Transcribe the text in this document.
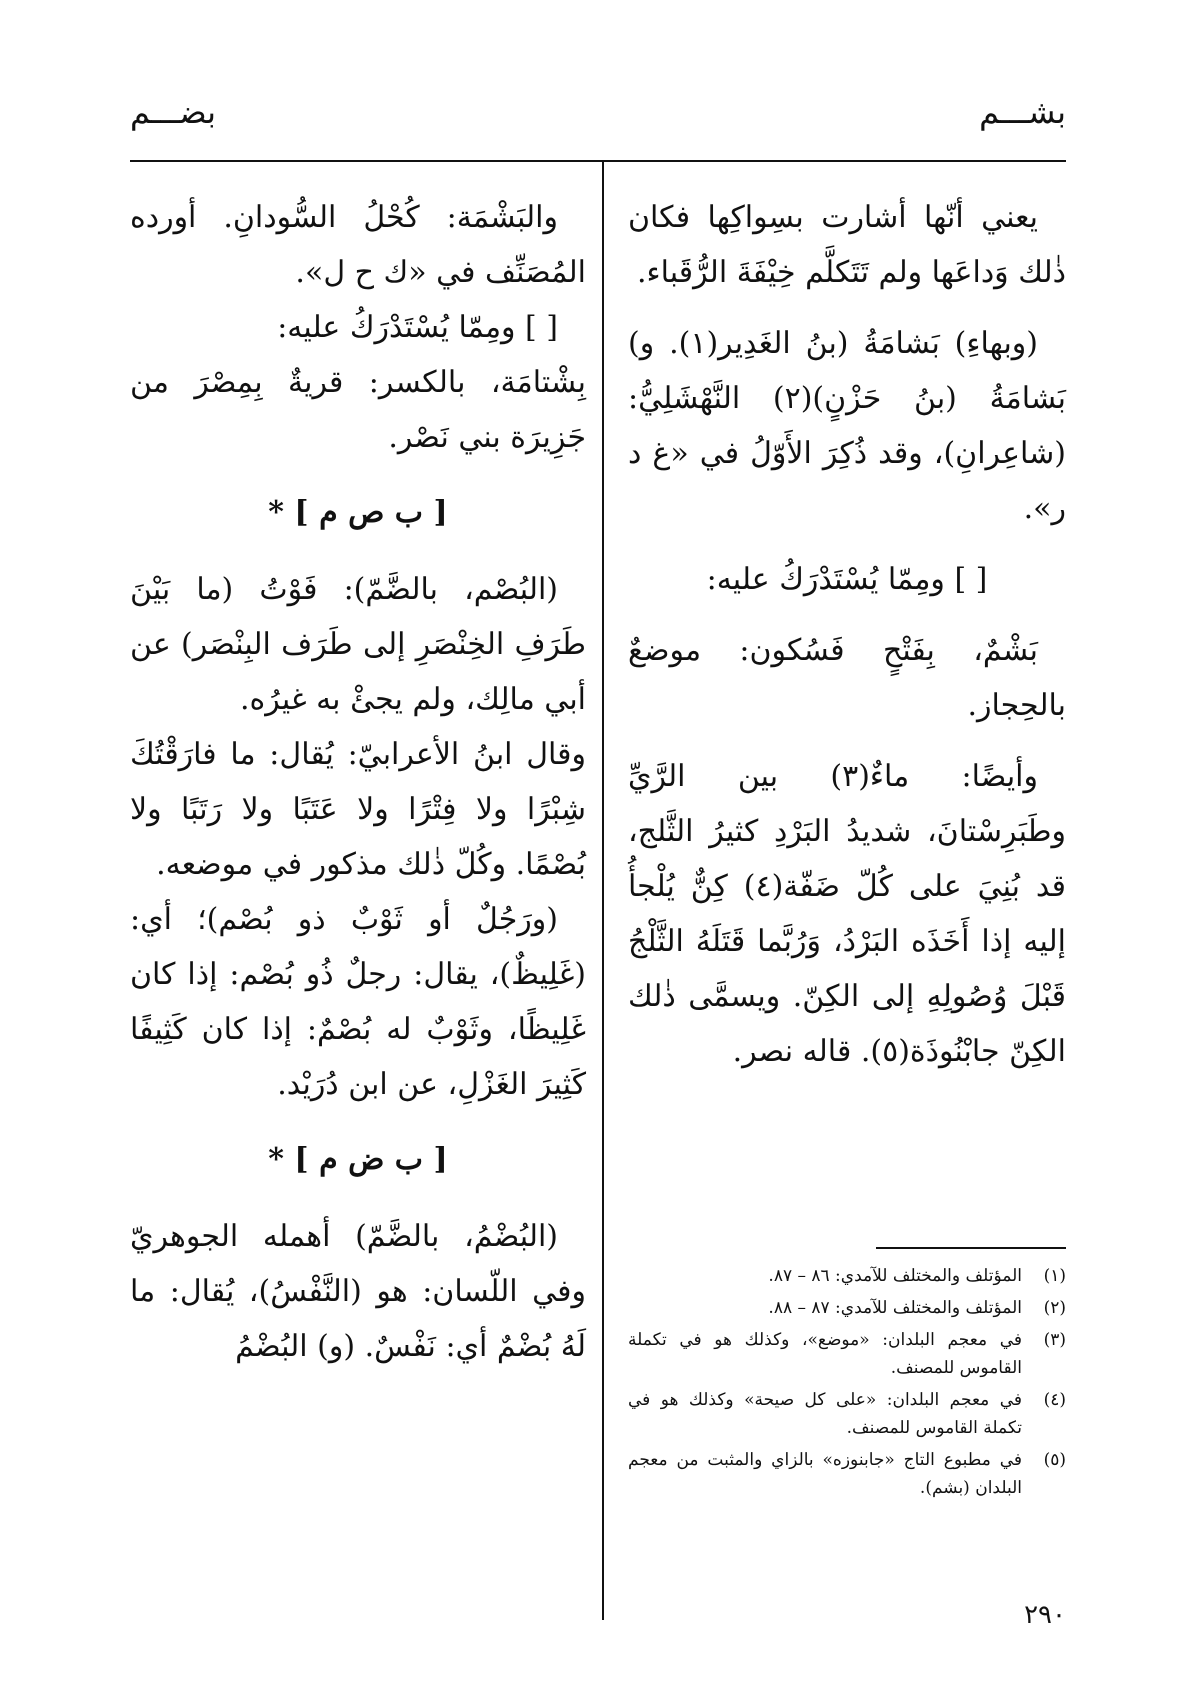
بشـــم
بضـــم

يعني أنّها أشارت بسِواكِها فكان ذٰلك وَداعَها ولم تَتَكلَّم خِيْفَةَ الرُّقَباء.

(وبهاءِ) بَشامَةُ (بنُ الغَدِير(١). و) بَشامَةُ (بنُ حَزْنٍ)(٢) النَّهْشَلِيُّ: (شاعِرانِ)، وقد ذُكِرَ الأَوّلُ في «غ د ر».

[ ] ومِمّا يُسْتَدْرَكُ عليه:

بَشْمٌ، بِفَتْحٍ فَسُكون: موضعٌ بالحِجاز.

وأيضًا: ماءٌ(٣) بين الرَّيِّ وطَبَرِسْتانَ، شديدُ البَرْدِ كثيرُ الثَّلج، قد بُنِيَ على كُلّ ضَفّة(٤) كِنٌّ يُلْجأُ إليه إذا أَخَذَه البَرْدُ، وَرُبَّما قَتَلَهُ الثَّلْجُ قَبْلَ وُصُولِهِ إلى الكِنّ. ويسمَّى ذٰلك الكِنّ جابْنُوذَة(٥). قاله نصر.

(١)
المؤتلف والمختلف للآمدي: ٨٦ – ٨٧.
(٢)
المؤتلف والمختلف للآمدي: ٨٧ – ٨٨.
(٣)
في معجم البلدان: «موضع»، وكذلك هو في تكملة القاموس للمصنف.
(٤)
في معجم البلدان: «على كل صيحة» وكذلك هو في تكملة القاموس للمصنف.
(٥)
في مطبوع التاج «جابنوزه» بالزاي والمثبت من معجم البلدان (بشم).

والبَشْمَة: كُحْلُ السُّودانِ. أورده المُصَنِّف في «ك ح ل».

[ ] ومِمّا يُسْتَدْرَكُ عليه:

بِشْتامَة، بالكسر: قريةٌ بِمِصْرَ من جَزِيرَة بني نَصْر.

[ ب ص م ] *

(البُصْم، بالضَّمّ): فَوْتُ (ما بَيْنَ طَرَفِ الخِنْصَرِ إلى طَرَف البِنْصَر) عن أبي مالِك، ولم يجئْ به غيرُه.

وقال ابنُ الأعرابيّ: يُقال: ما فارَقْتُكَ شِبْرًا ولا فِتْرًا ولا عَتَبًا ولا رَتَبًا ولا بُصْمًا. وكُلّ ذٰلك مذكور في موضعه.

(ورَجُلٌ أو ثَوْبٌ ذو بُصْم)؛ أي: (غَلِيظٌ)، يقال: رجلٌ ذُو بُصْم: إذا كان غَلِيظًا، وثَوْبٌ له بُصْمٌ: إذا كان كَثِيفًا كَثِيرَ الغَزْلِ، عن ابن دُرَيْد.

[ ب ض م ] *

(البُضْمُ، بالضَّمّ) أهمله الجوهريّ وفي اللّسان: هو (النَّفْسُ)، يُقال: ما لَهُ بُضْمٌ أي: نَفْسٌ. (و) البُضْمُ

٢٩٠
